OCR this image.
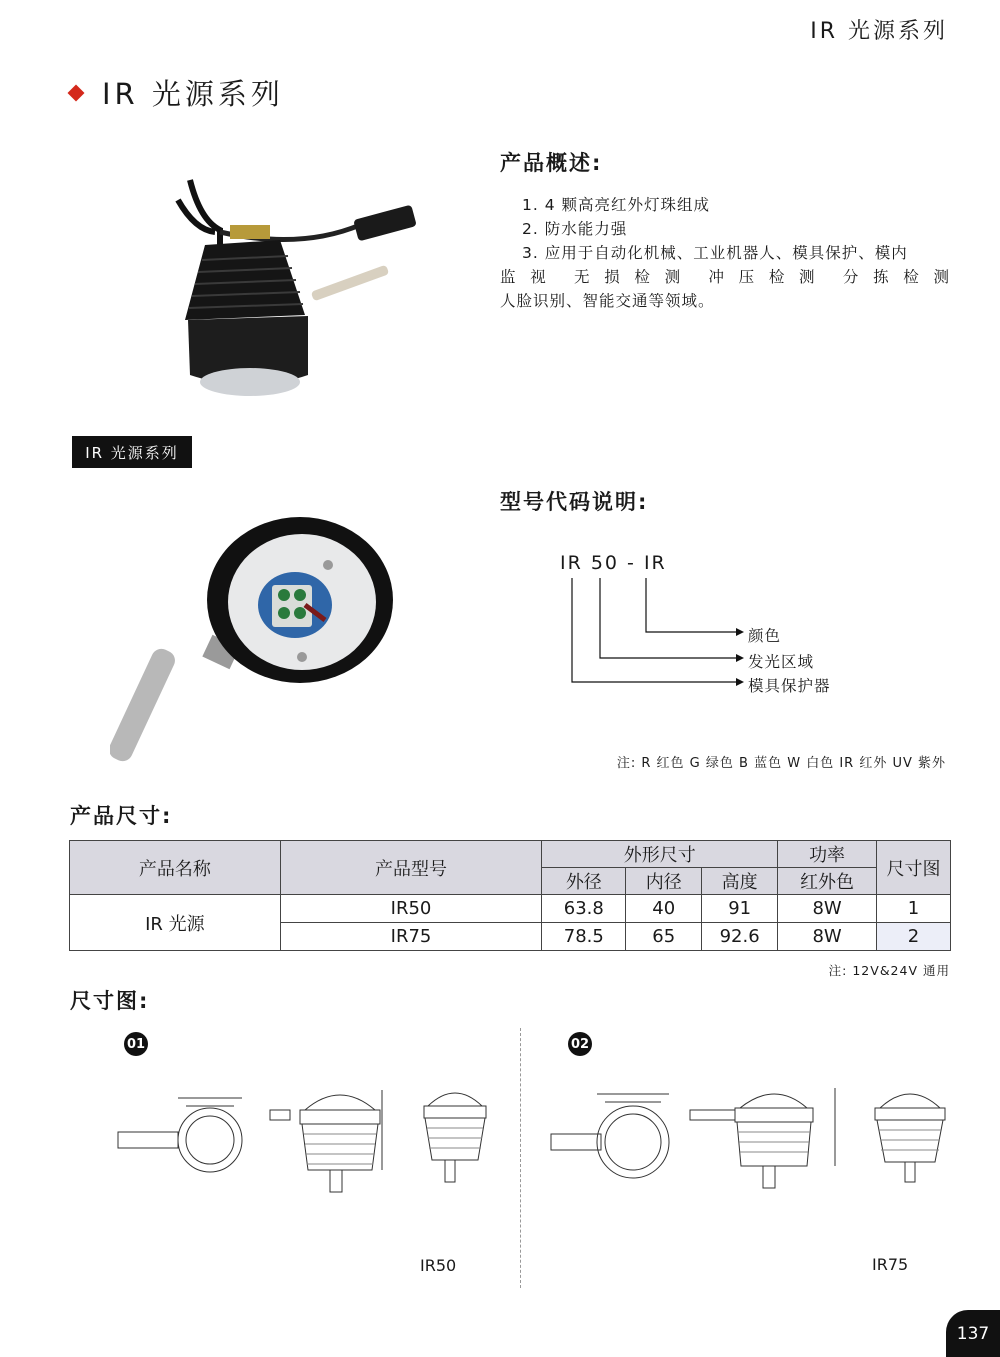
IR 光源系列
IR 光源系列
产品概述:
1. 4 颗高亮红外灯珠组成
2. 防水能力强
3. 应用于自动化机械、工业机器人、模具保护、模内
监 视 无 损 检 测 冲 压 检 测 分 拣 检 测
人脸识别、智能交通等领域。
IR 光源系列
型号代码说明:
IR 50 - IR
颜色
发光区域
模具保护器
注: R 红色 G 绿色 B 蓝色 W 白色 IR 红外 UV 紫外
产品尺寸:
产品名称	产品型号	外形尺寸			功率	尺寸图
		外径	内径	高度	红外色	
IR 光源	IR50	63.8	40	91	8W	1
	IR75	78.5	65	92.6	8W	2
注: 12V&24V 通用
尺寸图:
01	02
IR50	IR75
137
